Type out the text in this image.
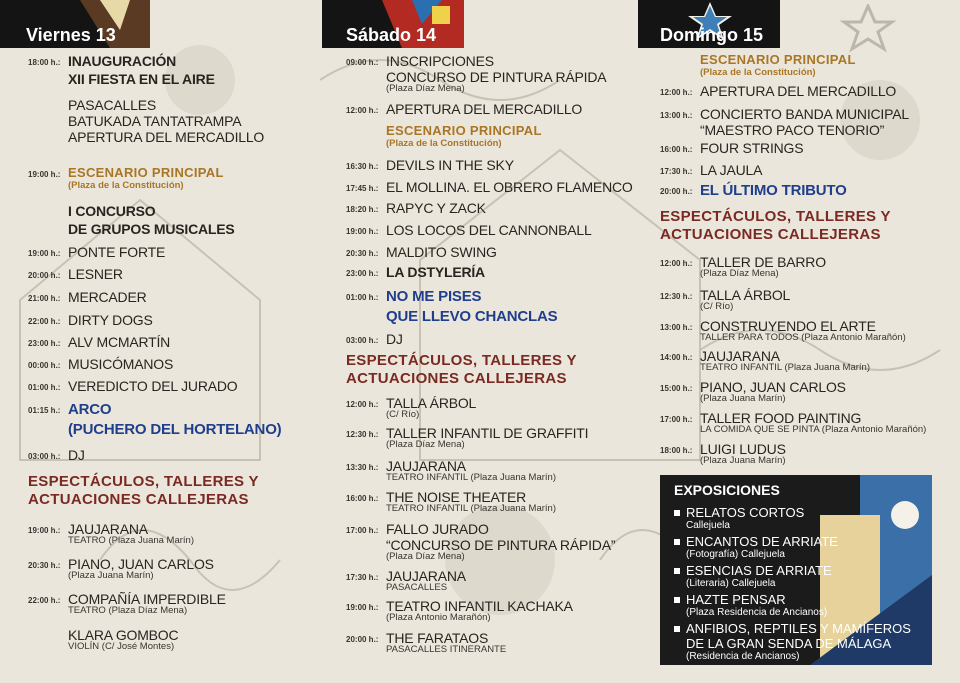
Viernes 13	Sábado 14	Domingo 15
18:00 h.: INAUGURACIÓN
XII FIESTA EN EL AIRE
PASACALLES
BATUKADA TANTATRAMPA
APERTURA DEL MERCADILLO
19:00 h.: ESCENARIO PRINCIPAL
(Plaza de la Constitución)
I CONCURSO
DE GRUPOS MUSICALES
19:00 h.: PONTE FORTE
20:00 h.: LESNER
21:00 h.: MERCADER
22:00 h.: DIRTY DOGS
23:00 h.: ALV MCMARTÍN
00:00 h.: MUSICÓMANOS
01:00 h.: VEREDICTO DEL JURADO
01:15 h.: ARCO
(PUCHERO DEL HORTELANO)
03:00 h.: DJ
ESPECTÁCULOS, TALLERES Y
ACTUACIONES CALLEJERAS
19:00 h.: JAUJARANA
TEATRO (Plaza Juana Marín)
20:30 h.: PIANO, JUAN CARLOS
(Plaza Juana Marín)
22:00 h.: COMPAÑÍA IMPERDIBLE
TEATRO (Plaza Díaz Mena)
KLARA GOMBOC
VIOLÍN (C/ José Montes)
09:00 h.: INSCRIPCIONES
CONCURSO DE PINTURA RÁPIDA
(Plaza Díaz Mena)
12:00 h.: APERTURA DEL MERCADILLO
ESCENARIO PRINCIPAL
(Plaza de la Constitución)
16:30 h.: DEVILS IN THE SKY
17:45 h.: EL MOLLINA. EL OBRERO FLAMENCO
18:20 h.: RAPYC Y ZACK
19:00 h.: LOS LOCOS DEL CANNONBALL
20:30 h.: MALDITO SWING
23:00 h.: LA DSTYLERÍA
01:00 h.: NO ME PISES
QUE LLEVO CHANCLAS
03:00 h.: DJ
ESPECTÁCULOS, TALLERES Y
ACTUACIONES CALLEJERAS
12:00 h.: TALLA ÁRBOL
(C/ Río)
12:30 h.: TALLER INFANTIL DE GRAFFITI
(Plaza Díaz Mena)
13:30 h.: JAUJARANA
TEATRO INFANTIL (Plaza Juana Marín)
16:00 h.: THE NOISE THEATER
TEATRO INFANTIL (Plaza Juana Marín)
17:00 h.: FALLO JURADO
“CONCURSO DE PINTURA RÁPIDA”
(Plaza Díaz Mena)
17:30 h.: JAUJARANA
PASACALLES
19:00 h.: TEATRO INFANTIL KACHAKA
(Plaza Antonio Marañón)
20:00 h.: THE FARATAOS
PASACALLES ITINERANTE
ESCENARIO PRINCIPAL
(Plaza de la Constitución)
12:00 h.: APERTURA DEL MERCADILLO
13:00 h.: CONCIERTO BANDA MUNICIPAL
“MAESTRO PACO TENORIO”
16:00 h.: FOUR STRINGS
17:30 h.: LA JAULA
20:00 h.: EL ÚLTIMO TRIBUTO
ESPECTÁCULOS, TALLERES Y
ACTUACIONES CALLEJERAS
12:00 h.: TALLER DE BARRO
(Plaza Díaz Mena)
12:30 h.: TALLA ÁRBOL
(C/ Río)
13:00 h.: CONSTRUYENDO EL ARTE
TALLER PARA TODOS (Plaza Antonio Marañón)
14:00 h.: JAUJARANA
TEATRO INFANTIL (Plaza Juana Marín)
15:00 h.: PIANO, JUAN CARLOS
(Plaza Juana Marín)
17:00 h.: TALLER FOOD PAINTING
LA COMIDA QUE SE PINTA (Plaza Antonio Marañón)
18:00 h.: LUIGI LUDUS
(Plaza Juana Marín)
EXPOSICIONES
RELATOS CORTOS
Callejuela
ENCANTOS DE ARRIATE
(Fotografía) Callejuela
ESENCIAS DE ARRIATE
(Literaria) Callejuela
HAZTE PENSAR
(Plaza Residencia de Ancianos)
ANFIBIOS, REPTILES Y MAMÍFEROS
DE LA GRAN SENDA DE MÁLAGA
(Residencia de Ancianos)
